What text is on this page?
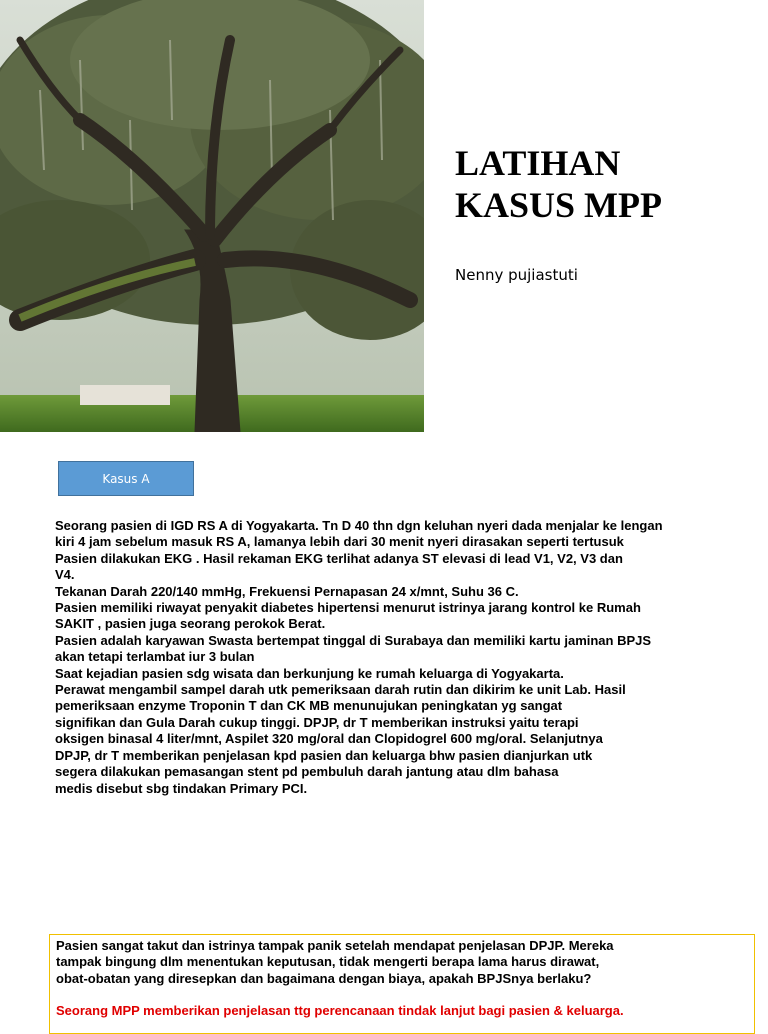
LATIHAN
KASUS MPP
Nenny pujiastuti
Kasus A

Seorang pasien di IGD RS A di Yogyakarta. Tn D 40 thn dgn keluhan nyeri dada menjalar ke lengan
kiri 4 jam sebelum masuk RS A, lamanya lebih dari 30 menit nyeri dirasakan seperti tertusuk
Pasien dilakukan EKG . Hasil rekaman EKG terlihat adanya ST elevasi di lead V1, V2, V3 dan
V4.
Tekanan Darah 220/140 mmHg, Frekuensi Pernapasan 24 x/mnt, Suhu 36 C.
Pasien memiliki riwayat penyakit diabetes hipertensi menurut istrinya jarang kontrol ke Rumah
SAKIT , pasien juga seorang perokok Berat.
Pasien adalah karyawan Swasta bertempat tinggal di Surabaya dan memiliki kartu jaminan BPJS
akan tetapi terlambat iur 3 bulan
Saat kejadian pasien sdg wisata dan berkunjung ke rumah keluarga di Yogyakarta.
Perawat mengambil sampel darah utk pemeriksaan darah rutin dan dikirim ke unit Lab. Hasil
pemeriksaan enzyme Troponin T dan CK MB menunujukan peningkatan yg sangat
signifikan dan Gula Darah cukup tinggi. DPJP, dr T memberikan instruksi yaitu terapi
oksigen binasal 4 liter/mnt, Aspilet 320 mg/oral dan Clopidogrel 600 mg/oral. Selanjutnya
DPJP, dr T memberikan penjelasan kpd pasien dan keluarga bhw pasien dianjurkan utk
segera dilakukan pemasangan stent pd pembuluh darah jantung atau dlm bahasa
medis disebut sbg tindakan Primary PCI.

Pasien sangat takut dan istrinya tampak panik setelah mendapat penjelasan DPJP. Mereka
tampak bingung dlm menentukan keputusan, tidak mengerti berapa lama harus dirawat,
obat-obatan yang diresepkan dan bagaimana dengan biaya, apakah BPJSnya berlaku?

Seorang MPP memberikan penjelasan ttg perencanaan tindak lanjut bagi pasien & keluarga.
